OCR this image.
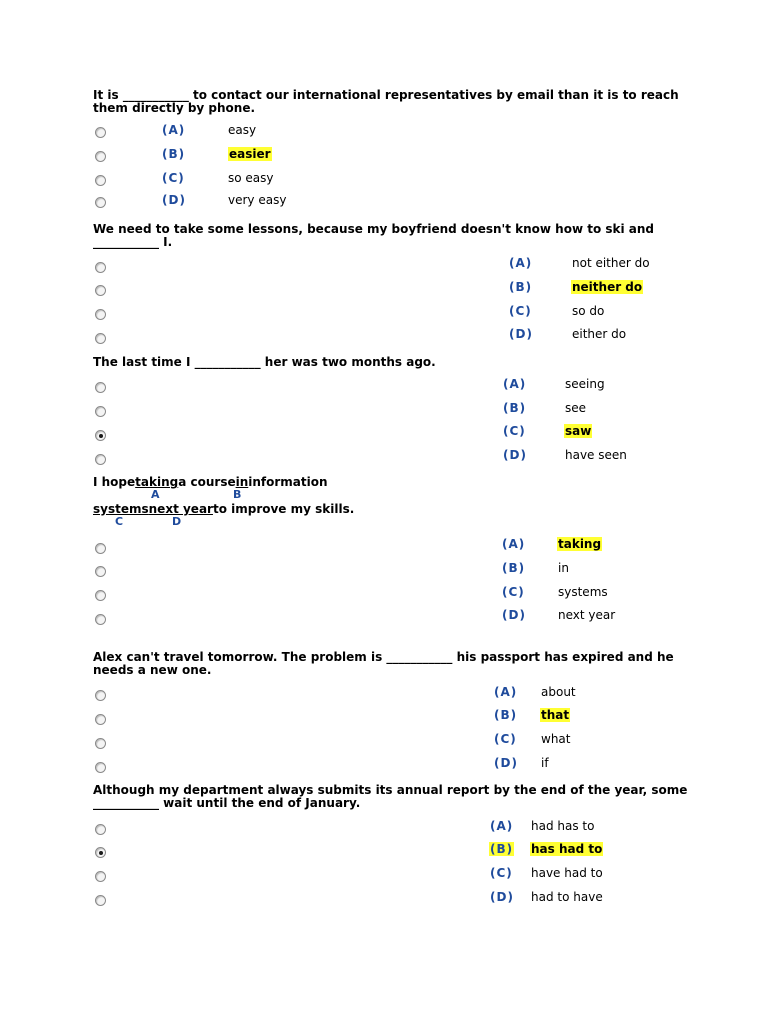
It is ___________ to contact our international representatives by email than it is to reach
them directly by phone.
(A)
(B)
(C)
(D)
easy
easier
so easy
very easy
We need to take some lessons, because my boyfriend doesn't know how to ski and
___________ I.
(A)
(B)
(C)
(D)
not either do
neither do
so do
either do
The last time I ___________ her was two months ago.
(A)
(B)
(C)
(D)
seeing
see
saw
have seen
I hopetakinga courseininformation
A	B
systemsnext yearto improve my skills.
C	D
(A)
(B)
(C)
(D)
taking
in
systems
next year
Alex can't travel tomorrow. The problem is ___________ his passport has expired and he
needs a new one.
(A)
(B)
(C)
(D)
about
that
what
if
Although my department always submits its annual report by the end of the year, some
___________ wait until the end of January.
(A)
(B)
(C)
(D)
had has to
has had to
have had to
had to have
